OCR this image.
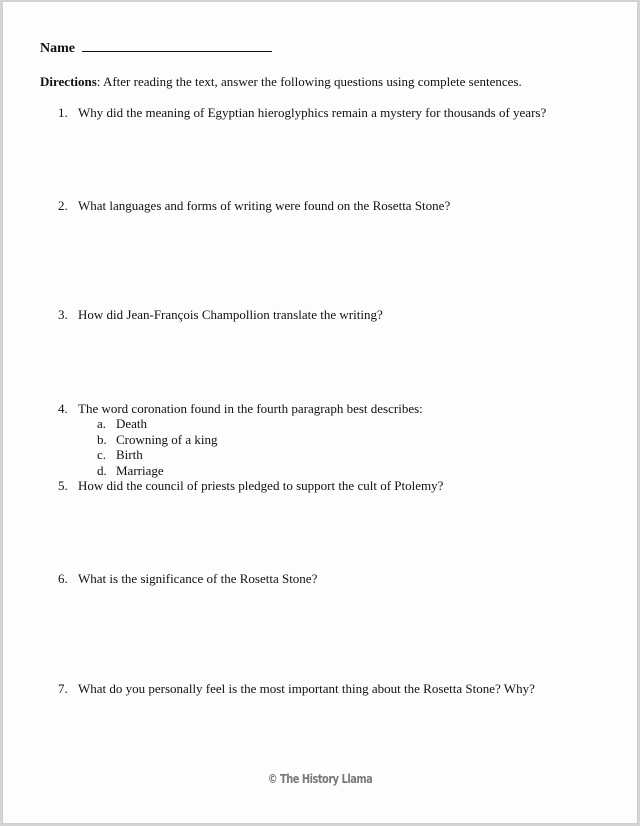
Name
Directions: After reading the text, answer the following questions using complete sentences.
1. Why did the meaning of Egyptian hieroglyphics remain a mystery for thousands of years?
2. What languages and forms of writing were found on the Rosetta Stone?
3. How did Jean-François Champollion translate the writing?
4. The word coronation found in the fourth paragraph best describes:
a. Death
b. Crowning of a king
c. Birth
d. Marriage
5. How did the council of priests pledged to support the cult of Ptolemy?
6. What is the significance of the Rosetta Stone?
7. What do you personally feel is the most important thing about the Rosetta Stone? Why?
© The History Llama
